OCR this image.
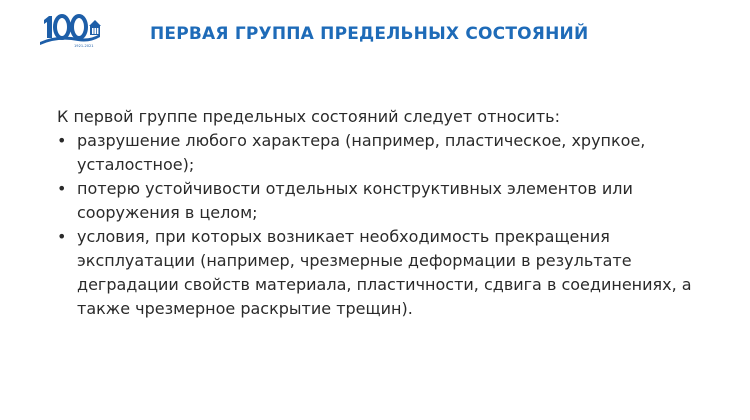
1921-2021
ПЕРВАЯ ГРУППА ПРЕДЕЛЬНЫХ СОСТОЯНИЙ

К первой группе предельных состояний следует относить:

• разрушение любого характера (например, пластическое, хрупкое,
усталостное);
• потерю устойчивости отдельных конструктивных элементов или
сооружения в целом;
• условия, при которых возникает необходимость прекращения
эксплуатации (например, чрезмерные деформации в результате
деградации свойств материала, пластичности, сдвига в соединениях, а
также чрезмерное раскрытие трещин).
